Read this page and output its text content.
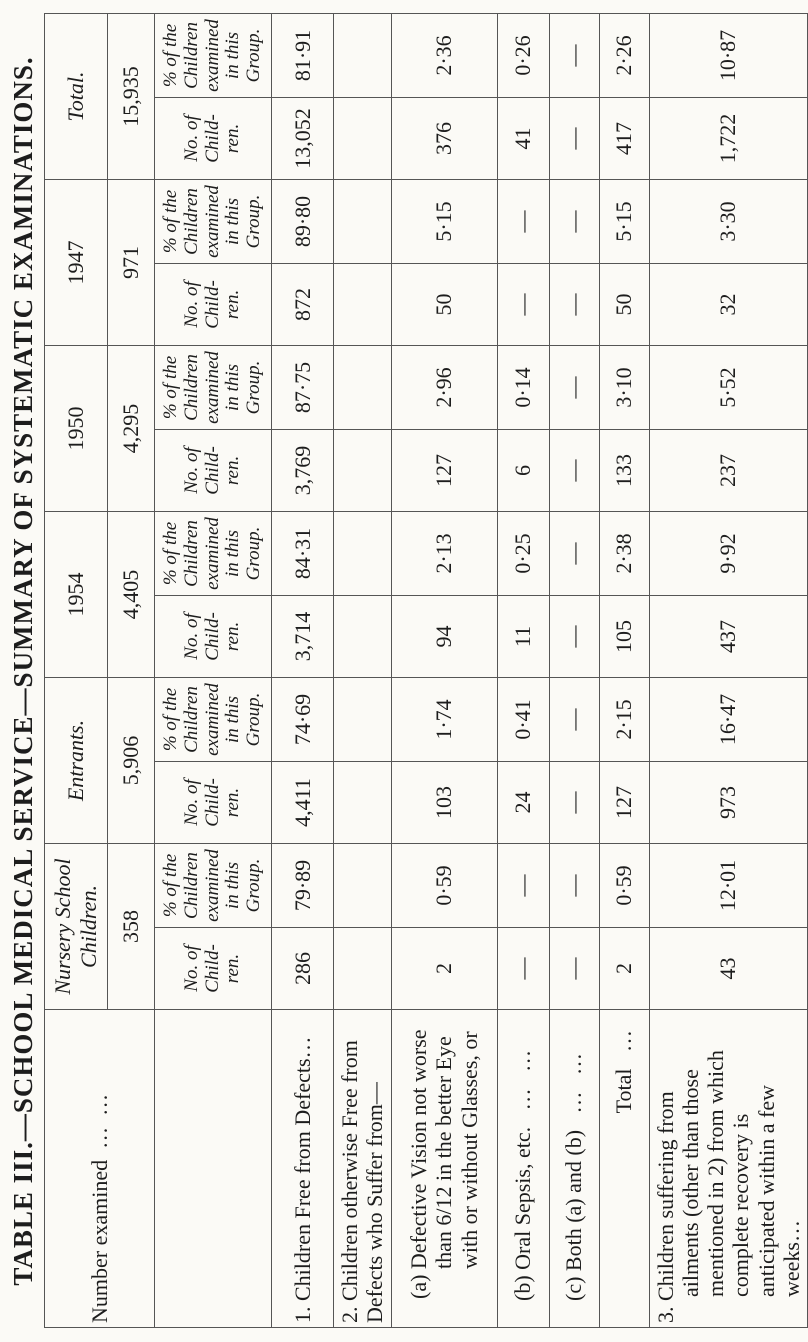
TABLE III.—SCHOOL MEDICAL SERVICE—SUMMARY OF SYSTEMATIC EXAMINATIONS. Number examined  …  …	Nursery School Children.		Entrants.		1954		1950		1947		Total.	
	358		5,906		4,405		4,295		971		15,935	
	No. of Child-ren.	% of the Children examined in this Group.	No. of Child-ren.	% of the Children examined in this Group.	No. of Child-ren.	% of the Children examined in this Group.	No. of Child-ren.	% of the Children examined in this Group.	No. of Child-ren.	% of the Children examined in this Group.	No. of Child-ren.	% of the Children examined in this Group.
1. Children Free from Defects…	286	79·89	4,411	74·69	3,714	84·31	3,769	87·75	872	89·80	13,052	81·91
2. Children otherwise Free from Defects who Suffer from—												
(a) Defective Vision not worse than 6/12 in the better Eye with or without Glasses, or	2	0·59	103	1·74	94	2·13	127	2·96	50	5·15	376	2·36
(b) Oral Sepsis, etc.   …   …	—	—	24	0·41	11	0·25	6	0·14	—	—	41	0·26
(c) Both (a) and (b)   …   …	—	—	—	—	—	—	—	—	—	—	—	—
Total   …	2	0·59	127	2·15	105	2·38	133	3·10	50	5·15	417	2·26
3. Children suffering from ailments (other than those mentioned in 2) from which complete recovery is anticipated within a few weeks…	43	12·01	973	16·47	437	9·92	237	5·52	32	3·30	1,722	10·87
